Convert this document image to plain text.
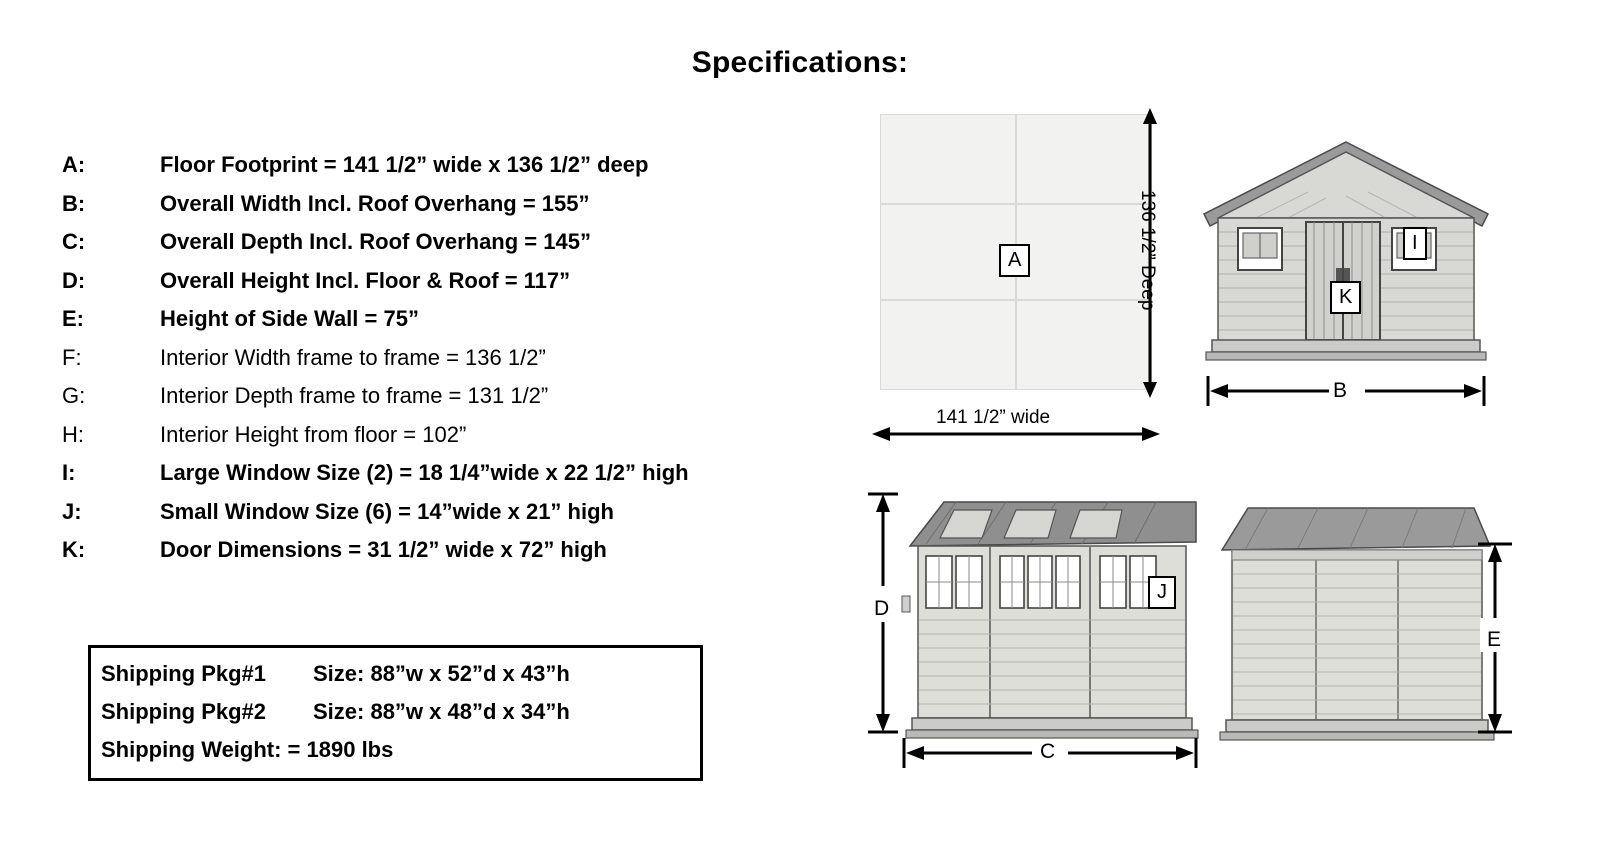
Specifications:
A:	Floor Footprint = 141 1/2” wide x 136 1/2” deep
B:	Overall Width Incl. Roof Overhang = 155”
C:	Overall Depth Incl. Roof Overhang = 145”
D:	Overall Height Incl. Floor & Roof = 117”
E:	Height of Side Wall = 75”
F:	Interior Width frame to frame = 136 1/2”
G:	Interior Depth frame to frame = 131 1/2”
H:	Interior Height from floor = 102”
I:	Large Window Size (2) = 18 1/4”wide x 22 1/2” high
J:	Small Window Size (6) = 14”wide x 21” high
K:	Door Dimensions = 31 1/2” wide x 72” high
Shipping Pkg#1 Size: 88”w x 52”d x 43”h
Shipping Pkg#2 Size: 88”w x 48”d x 34”h
Shipping Weight: = 1890 lbs
A	136 1/2” Deep
141 1/2” wide
I
K
B
J
D
C
E
